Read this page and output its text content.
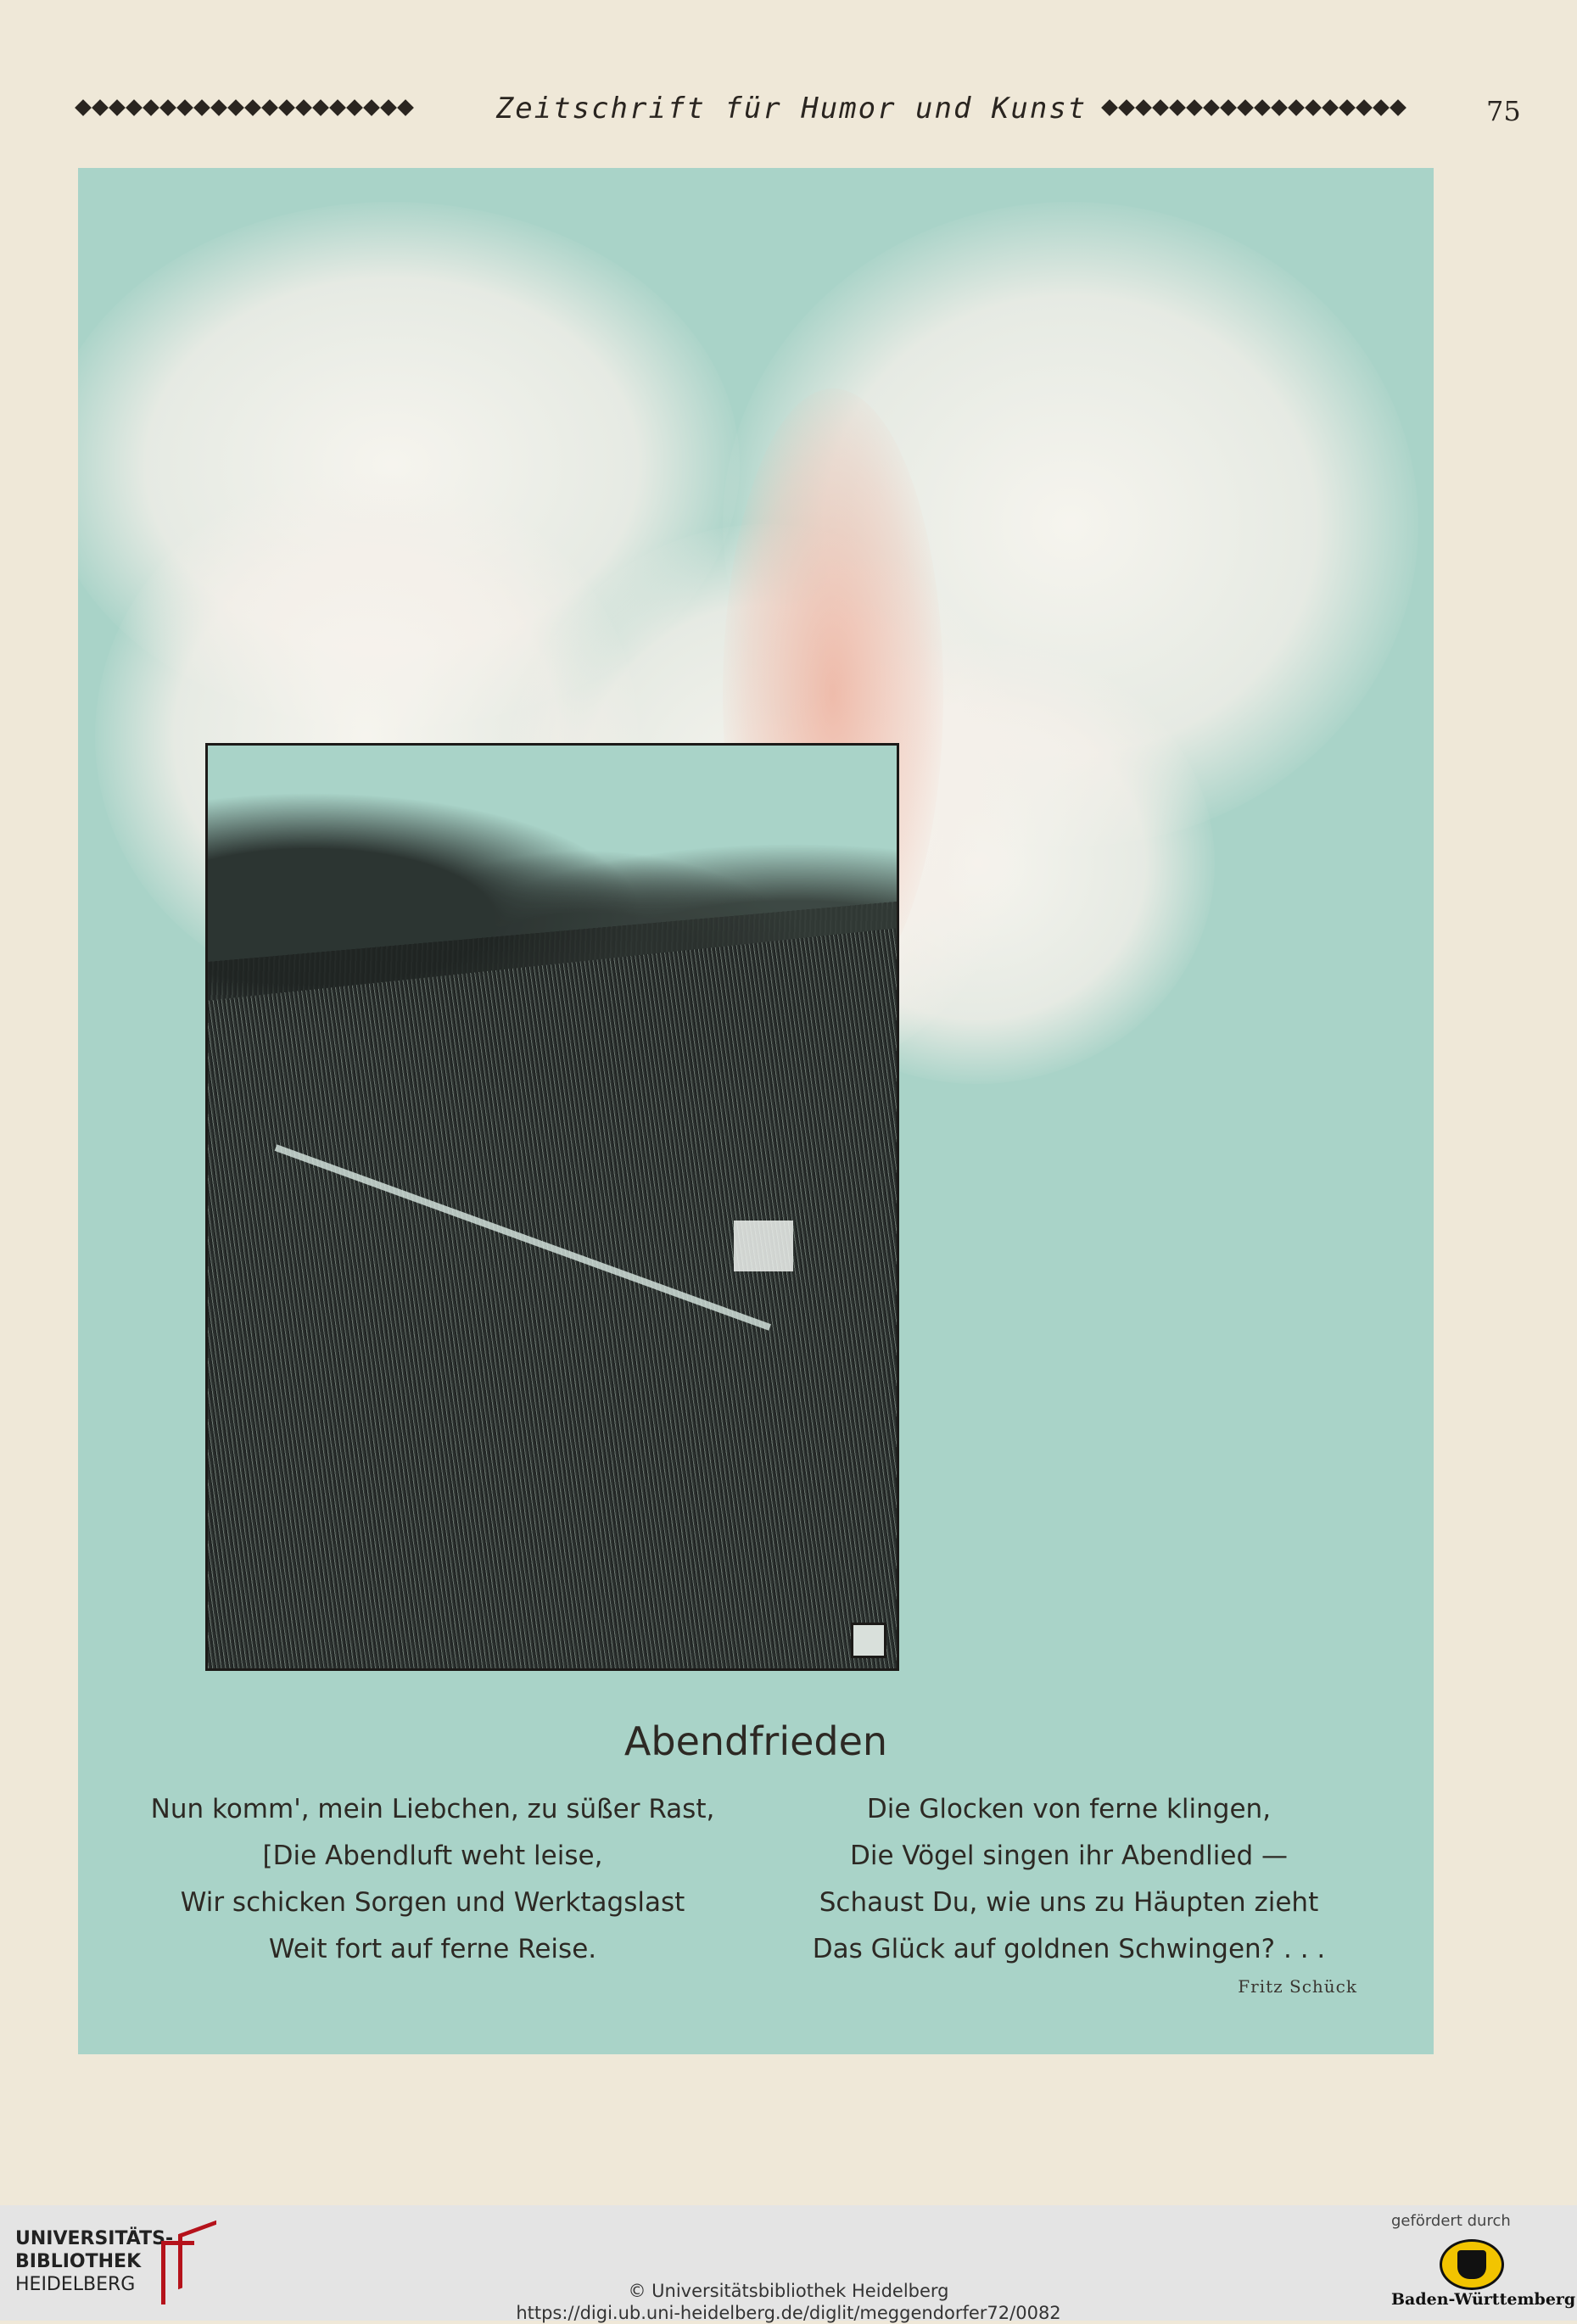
Zeitschrift für Humor und Kunst	75
Abendfrieden
Nun komm', mein Liebchen, zu süßer Rast,
[Die Abendluft weht leise,
Wir schicken Sorgen und Werktagslast
Weit fort auf ferne Reise.
Die Glocken von ferne klingen,
Die Vögel singen ihr Abendlied —
Schaust Du, wie uns zu Häupten zieht
Das Glück auf goldnen Schwingen? . . .
Fritz Schück
UNIVERSITÄTS-
BIBLIOTHEK
HEIDELBERG	© Universitätsbibliothek Heidelberg
https://digi.ub.uni-heidelberg.de/diglit/meggendorfer72/0082
gefördert durch
Baden-Württemberg
